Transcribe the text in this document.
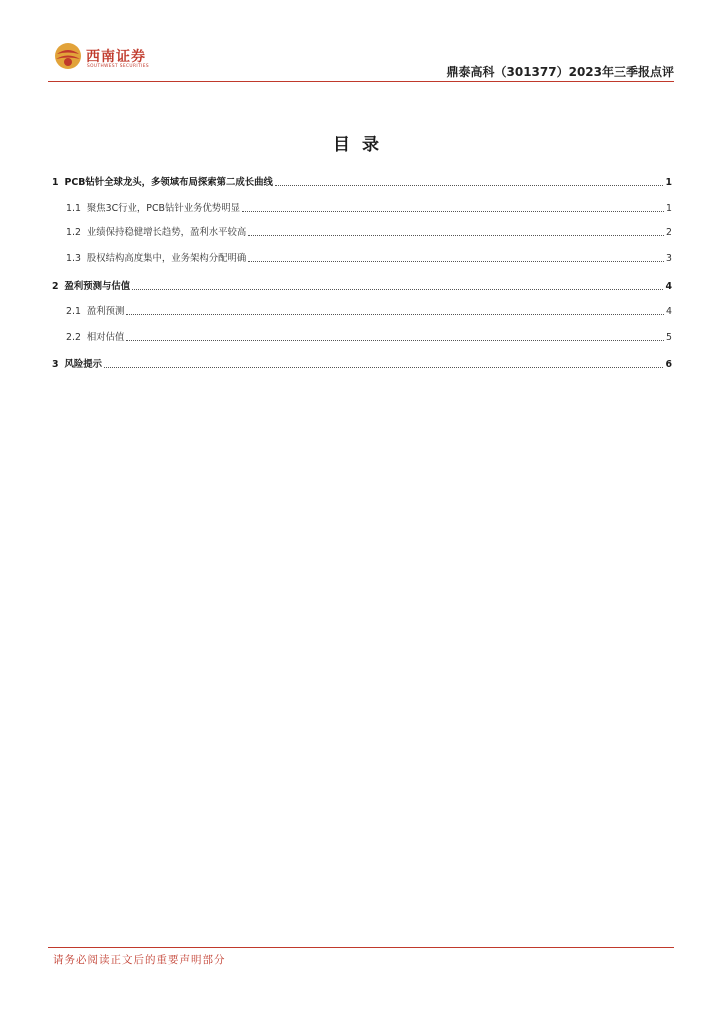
西南证券
SOUTHWEST SECURITIES	鼎泰高科（301377）2023年三季报点评
目录
1 PCB钻针全球龙头，多领域布局探索第二成长曲线	1
1.1 聚焦3C行业，PCB钻针业务优势明显	1
1.2 业绩保持稳健增长趋势，盈利水平较高	2
1.3 股权结构高度集中，业务架构分配明确	3
2 盈利预测与估值	4
2.1 盈利预测	4
2.2 相对估值	5
3 风险提示	6
请务必阅读正文后的重要声明部分
